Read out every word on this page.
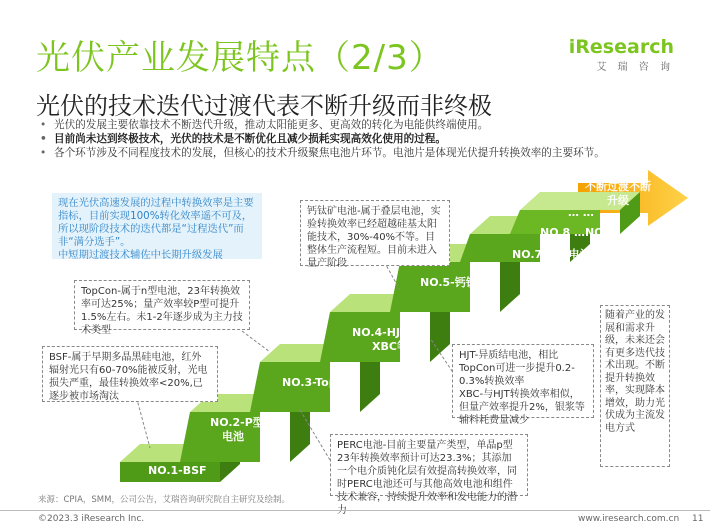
光伏产业发展特点（2/3）
光伏的技术迭代过渡代表不断升级而非终极
iResearch
艾 瑞 咨 询
• 光伏的发展主要依靠技术不断迭代升级，推动太阳能更多、更高效的转化为电能供终端使用。
• 目前尚未达到终极技术，光伏的技术是不断优化且减少损耗实现高效化使用的过程。
• 各个环节涉及不同程度技术的发展，但核心的技术升级聚焦电池片环节。电池片是体现光伏提升转换效率的主要环节。
NO.1-BSF
NO.2-P型
电池
NO.3-TopCon
NO.4-HJT、
XBC等
NO.5-钙钛矿
NO.7-多结电池
NO.8 …NO.9 …
… …
不断过渡不断升级
现在光伏高速发展的过程中转换效率是主要指标，目前实现100%转化效率遥不可及，所以现阶段技术的迭代都是“过程迭代”而非“满分选手”。
中短期过渡技术辅佐中长期升级发展
钙钛矿电池-属于叠层电池，实验转换效率已经超越硅基太阳能技术，30%-40%不等。目整体生产流程短。目前未进入量产阶段
TopCon-属于n型电池，23年转换效率可达25%；量产效率较P型可提升1.5%左右。未1-2年逐步成为主力技术类型
BSF-属于早期多晶黑硅电池，红外辐射光只有60-70%能被反射，光电损失严重，最佳转换效率<20%,已逐步被市场淘汰
HJT-异质结电池，相比TopCon可进一步提升0.2-0.3%转换效率
XBC-与HJT转换效率相似，但量产效率提升2%，银浆等辅料耗费量减少
PERC电池-目前主要量产类型，单晶p型23年转换效率预计可达23.3%；其添加一个电介质钝化层有效提高转换效率，同时PERC电池还可与其他高效电池和组件技术兼容，持续提升效率和发电能力的潜
随着产业的发展和需求升级，未来还会有更多迭代技术出现。不断提升转换效率，实现降本增效，助力光伏成为主流发电方式
来源：CPIA，SMM，公司公告，艾瑞咨询研究院自主研究及绘制。
©2023.3 iResearch Inc.	www.iresearch.com.cn 11
